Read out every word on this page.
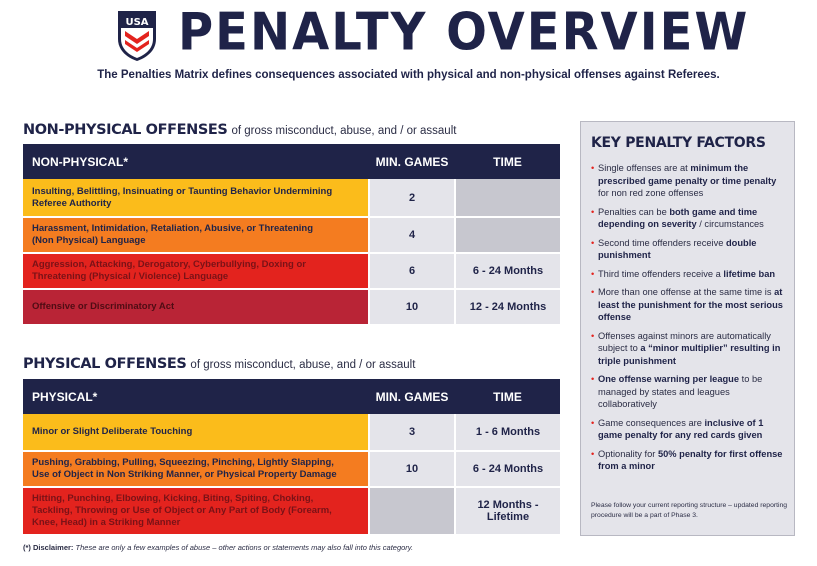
USA PENALTY OVERVIEW
The Penalties Matrix defines consequences associated with physical and non-physical offenses against Referees.
NON-PHYSICAL OFFENSES of gross misconduct, abuse, and / or assault
NON-PHYSICAL*	MIN. GAMES	TIME
Insulting, Belittling, Insinuating or Taunting Behavior Undermining
Referee Authority	2	
Harassment, Intimidation, Retaliation, Abusive, or Threatening
(Non Physical) Language	4	
Aggression, Attacking, Derogatory, Cyberbullying, Doxing or
Threatening (Physical / Violence) Language	6	6 - 24 Months
Offensive or Discriminatory Act	10	12 - 24 Months
PHYSICAL OFFENSES of gross misconduct, abuse, and / or assault
PHYSICAL*	MIN. GAMES	TIME
Minor or Slight Deliberate Touching	3	1 - 6 Months
Pushing, Grabbing, Pulling, Squeezing, Pinching, Lightly Slapping,
Use of Object in Non Striking Manner, or Physical Property Damage	10	6 - 24 Months
Hitting, Punching, Elbowing, Kicking, Biting, Spiting, Choking,
Tackling, Throwing or Use of Object or Any Part of Body (Forearm,
Knee, Head) in a Striking Manner		12 Months -
Lifetime
(*) Disclaimer: These are only a few examples of abuse – other actions or statements may also fall into this category.
KEY PENALTY FACTORS
• Single offenses are at minimum the prescribed game penalty or time penalty for non red zone offenses
• Penalties can be both game and time depending on severity / circumstances
• Second time offenders receive double punishment
• Third time offenders receive a lifetime ban
• More than one offense at the same time is at least the punishment for the most serious offense
• Offenses against minors are automatically subject to a “minor multiplier” resulting in triple punishment
• One offense warning per league to be managed by states and leagues collaboratively
• Game consequences are inclusive of 1 game penalty for any red cards given
• Optionality for 50% penalty for first offense from a minor
Please follow your current reporting structure – updated reporting procedure will be a part of Phase 3.
